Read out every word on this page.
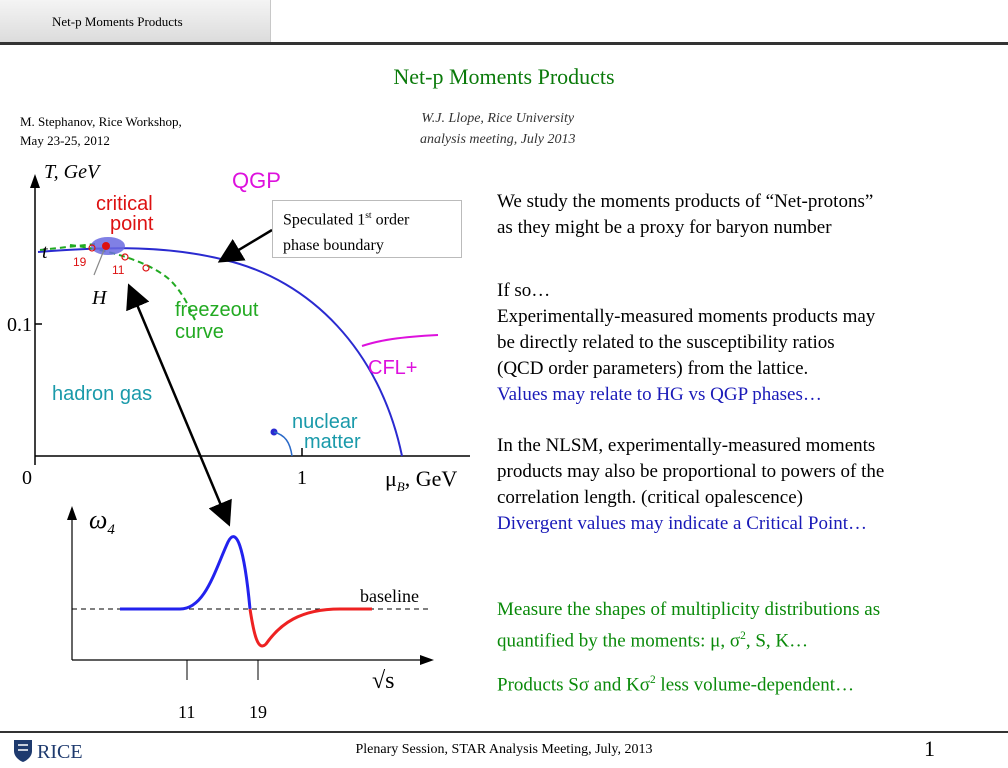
Net-p Moments Products
Net-p Moments Products
M. Stephanov, Rice Workshop,
May 23-25, 2012
W.J. Llope, Rice University
analysis meeting, July 2013
T, GeV	QGP
critical
point
t 19
11
H
freezeout
curve
0.1
CFL+
hadron gas
nuclear
matter
0	1	$\mu_B$, GeV
$\omega_4$
baseline
√s
11	19
Speculated 1st order
phase boundary
We study the moments products of “Net-protons”
as they might be a proxy for baryon number
If so…
Experimentally-measured moments products may
be directly related to the susceptibility ratios
(QCD order parameters) from the lattice.
Values may relate to HG vs QGP phases…
In the NLSM, experimentally-measured moments
products may also be proportional to powers of the
correlation length. (critical opalescence)
Divergent values may indicate a Critical Point…
Measure the shapes of multiplicity distributions as
quantified by the moments: μ, $\sigma^2$, S, K…
Products Sσ and $K\sigma^2$ less volume-dependent…
RICE	Plenary Session, STAR Analysis Meeting, July, 2013	1
